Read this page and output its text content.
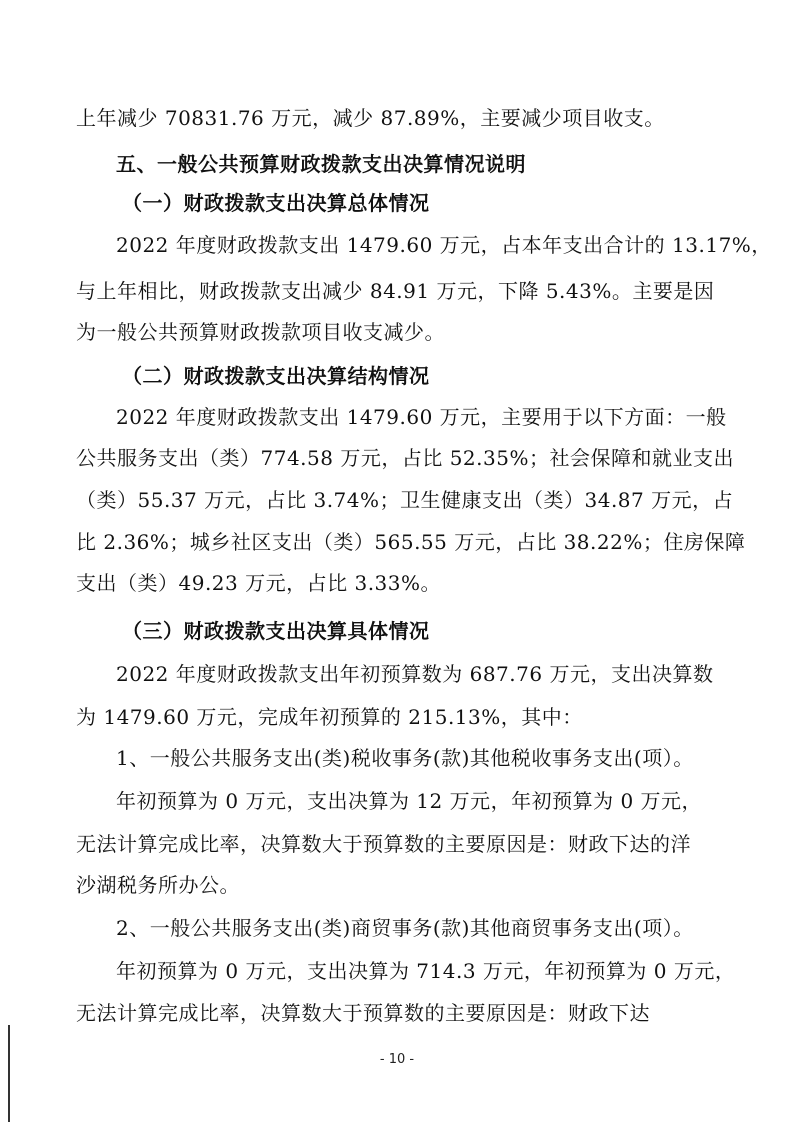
上年减少 70831.76 万元，减少 87.89%，主要减少项目收支。
五、一般公共预算财政拨款支出决算情况说明
（一）财政拨款支出决算总体情况
2022 年度财政拨款支出 1479.60 万元，占本年支出合计的 13.17%，
与上年相比，财政拨款支出减少 84.91 万元，下降 5.43%。主要是因
为一般公共预算财政拨款项目收支减少。
（二）财政拨款支出决算结构情况
2022 年度财政拨款支出 1479.60 万元，主要用于以下方面：一般
公共服务支出（类）774.58 万元，占比 52.35%；社会保障和就业支出
（类）55.37 万元，占比 3.74%；卫生健康支出（类）34.87 万元，占
比 2.36%；城乡社区支出（类）565.55 万元，占比 38.22%；住房保障
支出（类）49.23 万元，占比 3.33%。
（三）财政拨款支出决算具体情况
2022 年度财政拨款支出年初预算数为 687.76 万元，支出决算数
为 1479.60 万元，完成年初预算的 215.13%，其中：
1、一般公共服务支出(类)税收事务(款)其他税收事务支出(项）。
年初预算为 0 万元，支出决算为 12 万元，年初预算为 0 万元，
无法计算完成比率，决算数大于预算数的主要原因是：财政下达的洋
沙湖税务所办公。
2、一般公共服务支出(类)商贸事务(款)其他商贸事务支出(项）。
年初预算为 0 万元，支出决算为 714.3 万元，年初预算为 0 万元，
无法计算完成比率，决算数大于预算数的主要原因是：财政下达
- 10 -
